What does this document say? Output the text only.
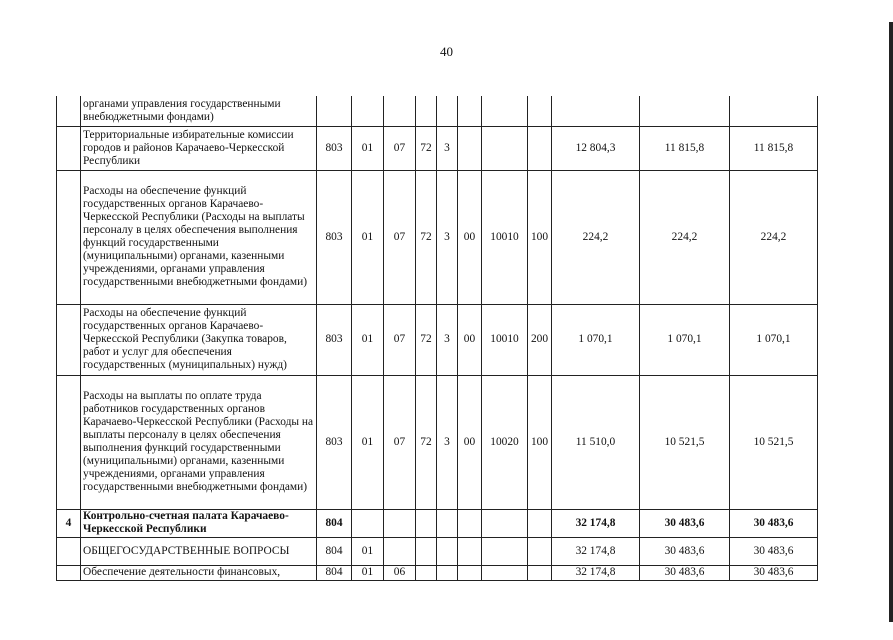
40
	органами управления государственными внебюджетными фондами)											
	Территориальные избирательные комиссии городов и районов Карачаево-Черкесской Республики	803	01	07	72	3				12 804,3	11 815,8	11 815,8
	Расходы на обеспечение функций государственных органов Карачаево-Черкесской Республики (Расходы на выплаты персоналу в целях обеспечения выполнения функций государственными (муниципальными) органами, казенными учреждениями, органами управления государственными внебюджетными фондами)	803	01	07	72	3	00	10010	100	224,2	224,2	224,2
	Расходы на обеспечение функций государственных органов Карачаево-Черкесской Республики (Закупка товаров, работ и услуг для обеспечения государственных (муниципальных) нужд)	803	01	07	72	3	00	10010	200	1 070,1	1 070,1	1 070,1
	Расходы на выплаты по оплате труда работников государственных органов Карачаево-Черкесской Республики (Расходы на выплаты персоналу в целях обеспечения выполнения функций государственными (муниципальными) органами, казенными учреждениями, органами управления государственными внебюджетными фондами)	803	01	07	72	3	00	10020	100	11 510,0	10 521,5	10 521,5
4	Контрольно-счетная палата Карачаево-Черкесской Республики	804								32 174,8	30 483,6	30 483,6
	ОБЩЕГОСУДАРСТВЕННЫЕ ВОПРОСЫ	804	01							32 174,8	30 483,6	30 483,6
	Обеспечение деятельности финансовых,	804	01	06						32 174,8	30 483,6	30 483,6
